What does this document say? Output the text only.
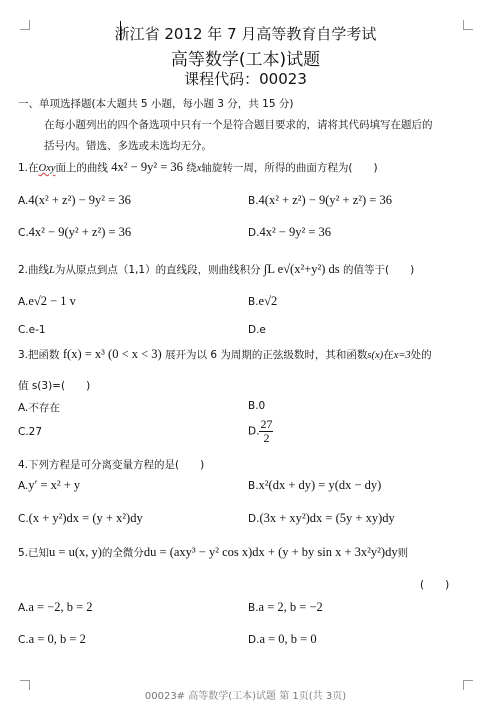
浙江省 2012 年 7 月高等教育自学考试
高等数学(工本)试题
课程代码：00023
一、单项选择题(本大题共 5 小题，每小题 3 分，共 15 分)
在每小题列出的四个备选项中只有一个是符合题目要求的，请将其代码填写在题后的
括号内。错选、多选或未选均无分。
1.在Oxy面上的曲线 4x² − 9y² = 36 绕x轴旋转一周，所得的曲面方程为(　　)
A.4(x² + z²) − 9y² = 36	B.4(x² + z²) − 9(y² + z²) = 36
C.4x² − 9(y² + z²) = 36	D.4x² − 9y² = 36
2.曲线L为从原点到点（1,1）的直线段，则曲线积分 ∫L e√(x²+y²) ds 的值等于(　　)
A.e√2 − 1 v	B.e√2
C.e-1	D.e
3.把函数 f(x) = x³ (0 < x < 3) 展开为以 6 为周期的正弦级数时，其和函数s(x)在x=3处的
值 s(3)=(　　)
A.不存在	B.0
C.27	D. $\frac{27}{2}$
4.下列方程是可分离变量方程的是(　　)
A.y′ = x² + y	B.x²(dx + dy) = y(dx − dy)
C.(x + y²)dx = (y + x²)dy	D.(3x + xy²)dx = (5y + xy)dy
5.已知u = u(x, y)的全微分du = (axy³ − y² cos x)dx + (y + by sin x + 3x²y²)dy则
(　　)
A.a = −2, b = 2	B.a = 2, b = −2
C.a = 0, b = 2	D.a = 0, b = 0
00023# 高等数学(工本)试题 第 1页(共 3页)
